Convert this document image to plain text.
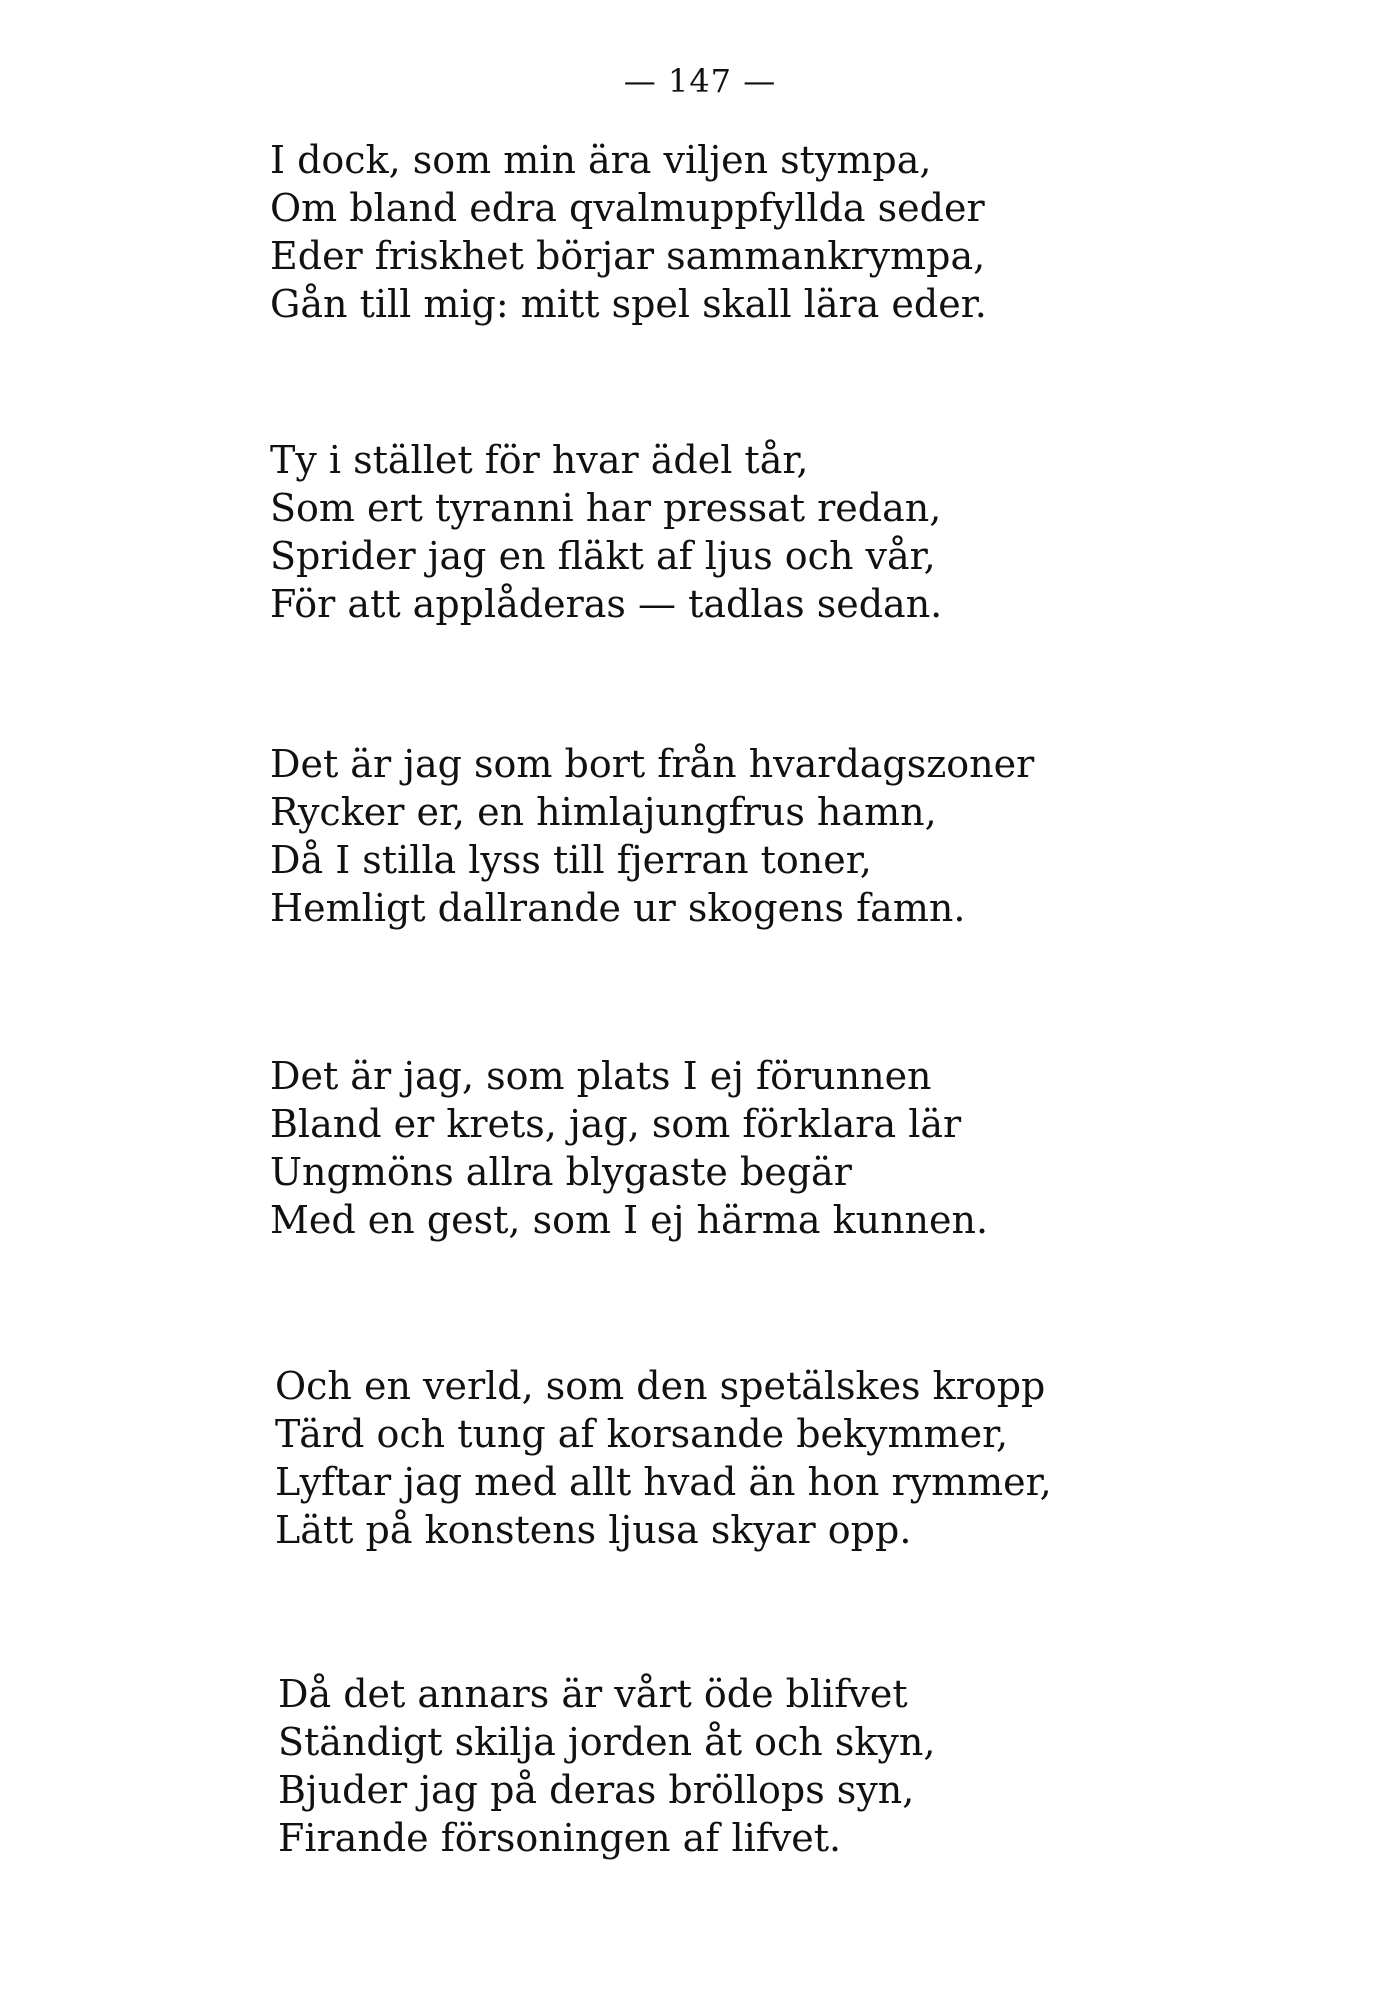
— 147 —
I dock, som min ära viljen stympa,
Om bland edra qvalmuppfyllda seder
Eder friskhet börjar sammankrympa,
Gån till mig: mitt spel skall lära eder.
Ty i stället för hvar ädel tår,
Som ert tyranni har pressat redan,
Sprider jag en fläkt af ljus och vår,
För att applåderas — tadlas sedan.
Det är jag som bort från hvardagszoner
Rycker er, en himlajungfrus hamn,
Då I stilla lyss till fjerran toner,
Hemligt dallrande ur skogens famn.
Det är jag, som plats I ej förunnen
Bland er krets, jag, som förklara lär
Ungmöns allra blygaste begär
Med en gest, som I ej härma kunnen.
Och en verld, som den spetälskes kropp
Tärd och tung af korsande bekymmer,
Lyftar jag med allt hvad än hon rymmer,
Lätt på konstens ljusa skyar opp.
Då det annars är vårt öde blifvet
Ständigt skilja jorden åt och skyn,
Bjuder jag på deras bröllops syn,
Firande försoningen af lifvet.
